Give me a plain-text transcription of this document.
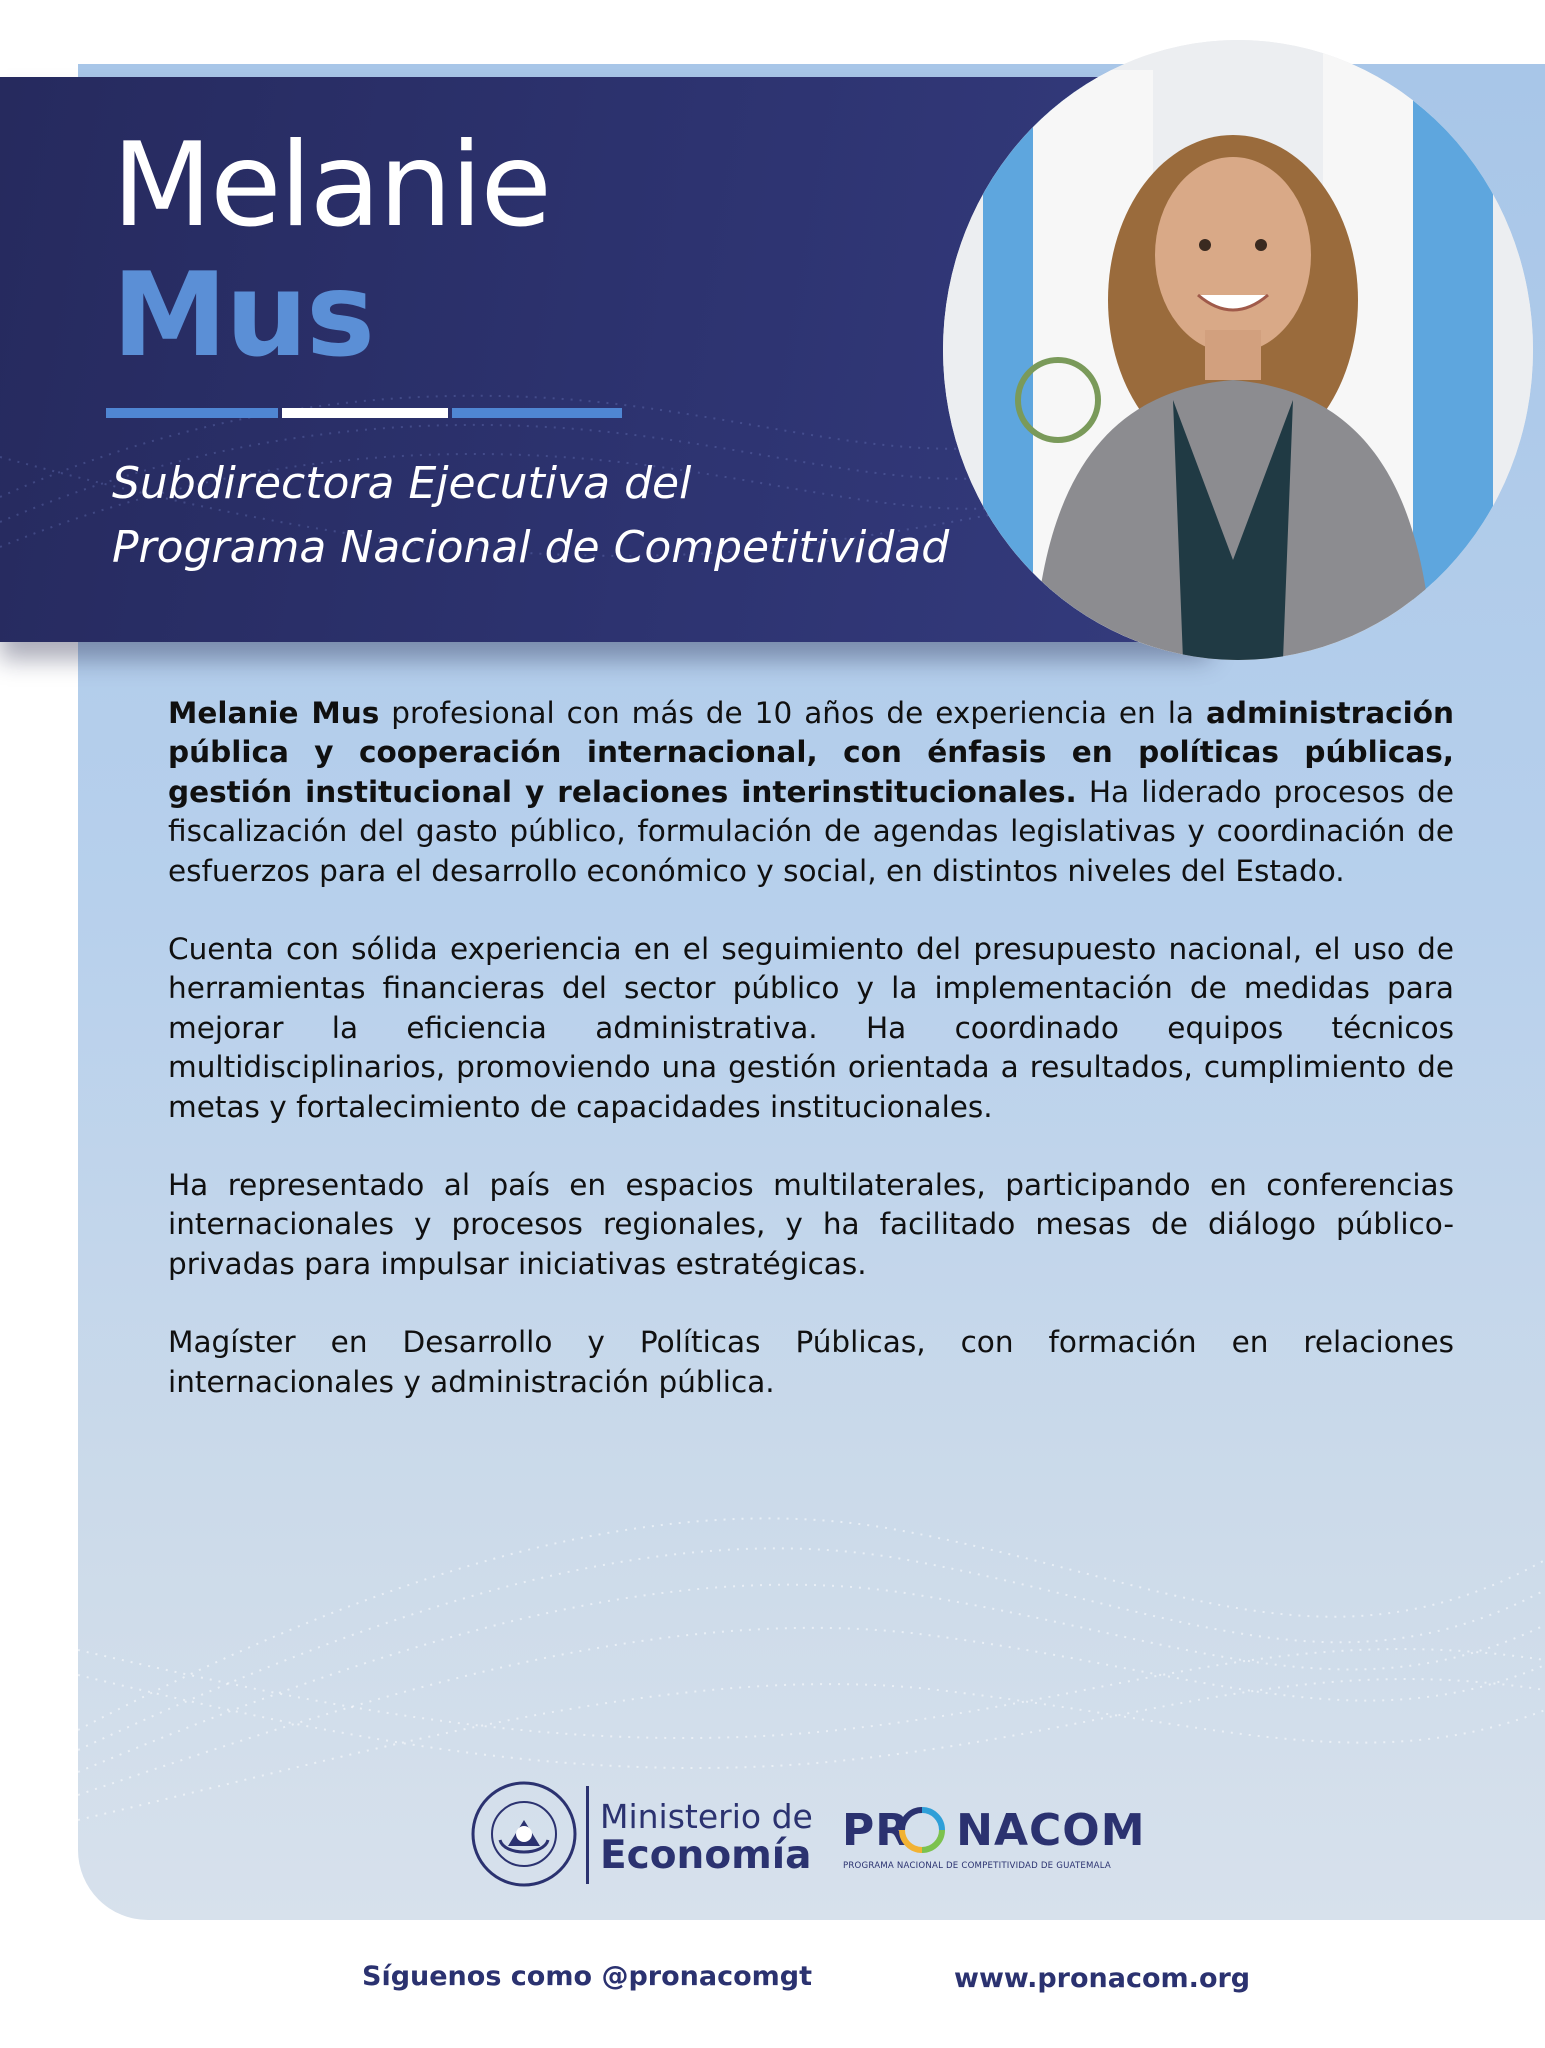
Melanie
Mus
Subdirectora Ejecutiva del
Programa Nacional de Competitividad

Melanie Mus profesional con más de 10 años de experiencia en la administración pública y cooperación internacional, con énfasis en políticas públicas, gestión institucional y relaciones interinstitucionales. Ha liderado procesos de fiscalización del gasto público, formulación de agendas legislativas y coordinación de esfuerzos para el desarrollo económico y social, en distintos niveles del Estado.

Cuenta con sólida experiencia en el seguimiento del presupuesto nacional, el uso de herramientas financieras del sector público y la implementación de medidas para mejorar la eficiencia administrativa. Ha coordinado equipos técnicos multidisciplinarios, promoviendo una gestión orientada a resultados, cumplimiento de metas y fortalecimiento de capacidades institucionales.

Ha representado al país en espacios multilaterales, participando en conferencias internacionales y procesos regionales, y ha facilitado mesas de diálogo público-privadas para impulsar iniciativas estratégicas.

Magíster en Desarrollo y Políticas Públicas, con formación en relaciones internacionales y administración pública.

Ministerio de
Economía PR NACOM
PROGRAMA NACIONAL DE COMPETITIVIDAD DE GUATEMALA
Síguenos como @pronacomgt	www.pronacom.org
